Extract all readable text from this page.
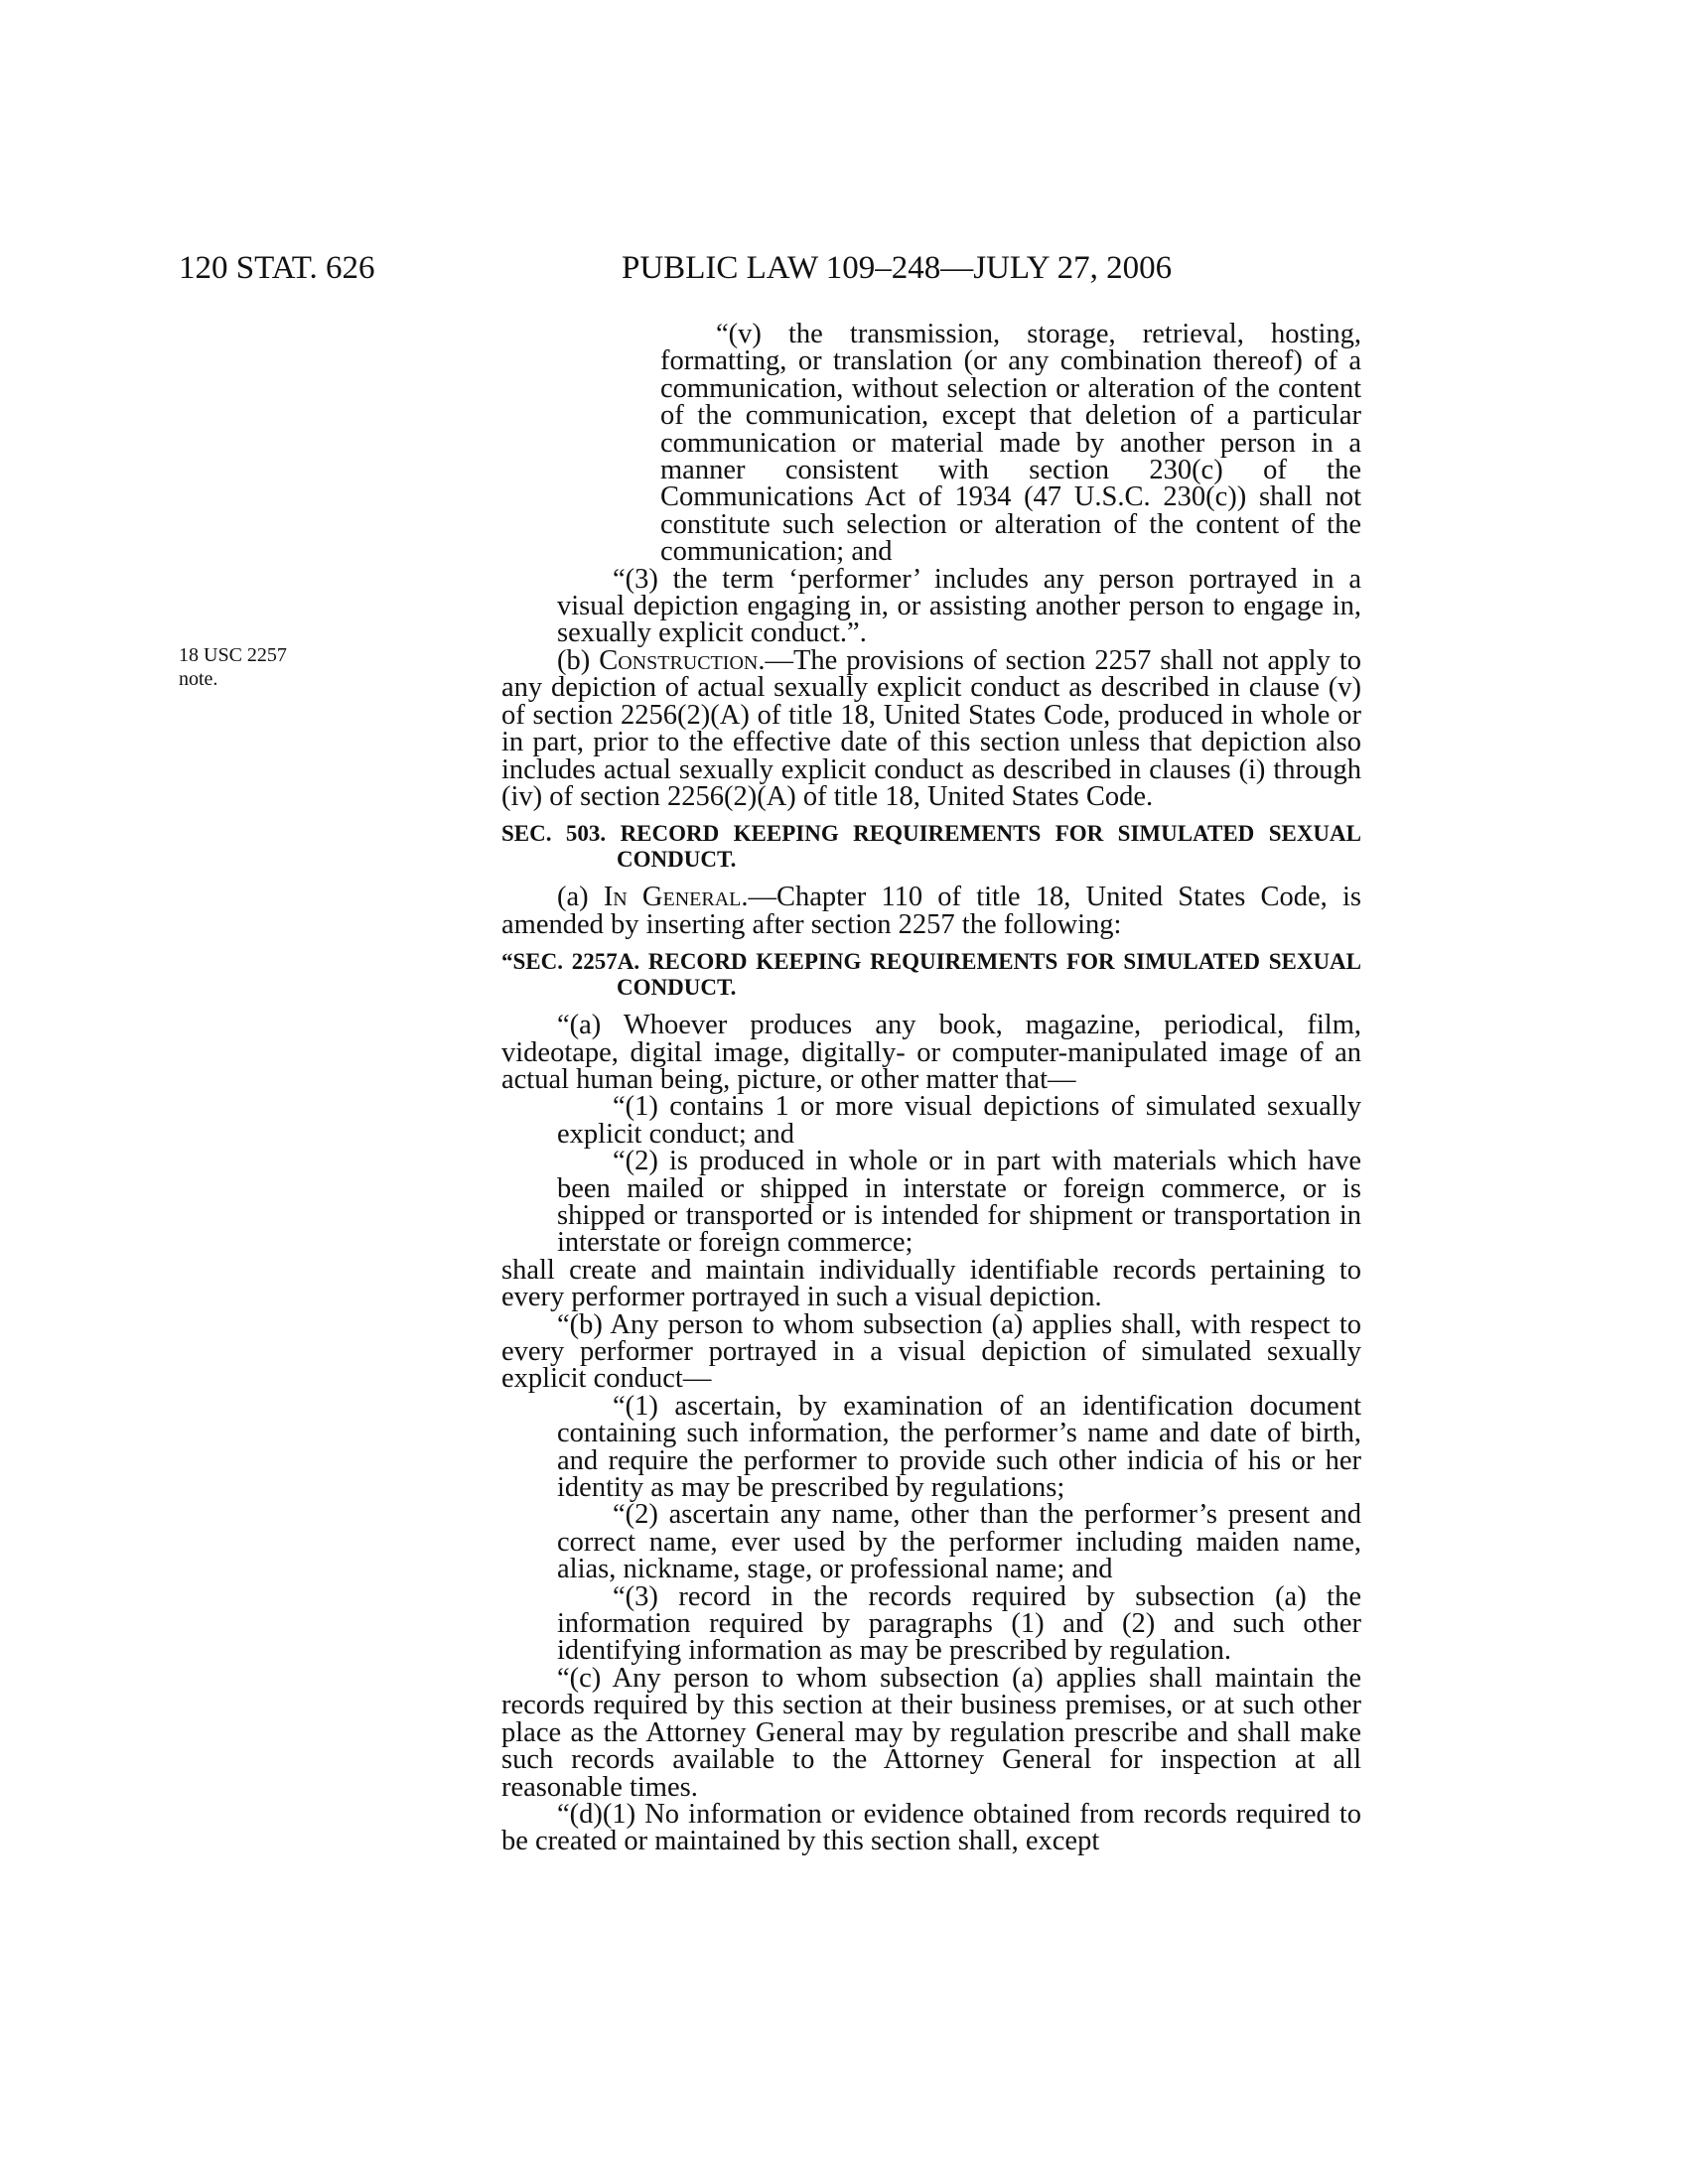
120 STAT. 626	PUBLIC LAW 109–248—JULY 27, 2006
18 USC 2257
note.

“(v) the transmission, storage, retrieval, hosting, formatting, or translation (or any combination thereof) of a communication, without selection or alteration of the content of the communication, except that deletion of a particular communication or material made by another person in a manner consistent with section 230(c) of the Communications Act of 1934 (47 U.S.C. 230(c)) shall not constitute such selection or alteration of the content of the communication; and

“(3) the term ‘performer’ includes any person portrayed in a visual depiction engaging in, or assisting another person to engage in, sexually explicit conduct.”.

(b) Construction.—The provisions of section 2257 shall not apply to any depiction of actual sexually explicit conduct as described in clause (v) of section 2256(2)(A) of title 18, United States Code, produced in whole or in part, prior to the effective date of this section unless that depiction also includes actual sexually explicit conduct as described in clauses (i) through (iv) of section 2256(2)(A) of title 18, United States Code.

SEC. 503. RECORD KEEPING REQUIREMENTS FOR SIMULATED SEXUAL CONDUCT.

(a) In General.—Chapter 110 of title 18, United States Code, is amended by inserting after section 2257 the following:

“SEC. 2257A. RECORD KEEPING REQUIREMENTS FOR SIMULATED SEXUAL CONDUCT.

“(a) Whoever produces any book, magazine, periodical, film, videotape, digital image, digitally- or computer-manipulated image of an actual human being, picture, or other matter that—

“(1) contains 1 or more visual depictions of simulated sexually explicit conduct; and

“(2) is produced in whole or in part with materials which have been mailed or shipped in interstate or foreign commerce, or is shipped or transported or is intended for shipment or transportation in interstate or foreign commerce;

shall create and maintain individually identifiable records pertaining to every performer portrayed in such a visual depiction.

“(b) Any person to whom subsection (a) applies shall, with respect to every performer portrayed in a visual depiction of simulated sexually explicit conduct—

“(1) ascertain, by examination of an identification document containing such information, the performer’s name and date of birth, and require the performer to provide such other indicia of his or her identity as may be prescribed by regulations;

“(2) ascertain any name, other than the performer’s present and correct name, ever used by the performer including maiden name, alias, nickname, stage, or professional name; and

“(3) record in the records required by subsection (a) the information required by paragraphs (1) and (2) and such other identifying information as may be prescribed by regulation.

“(c) Any person to whom subsection (a) applies shall maintain the records required by this section at their business premises, or at such other place as the Attorney General may by regulation prescribe and shall make such records available to the Attorney General for inspection at all reasonable times.

“(d)(1) No information or evidence obtained from records required to be created or maintained by this section shall, except
